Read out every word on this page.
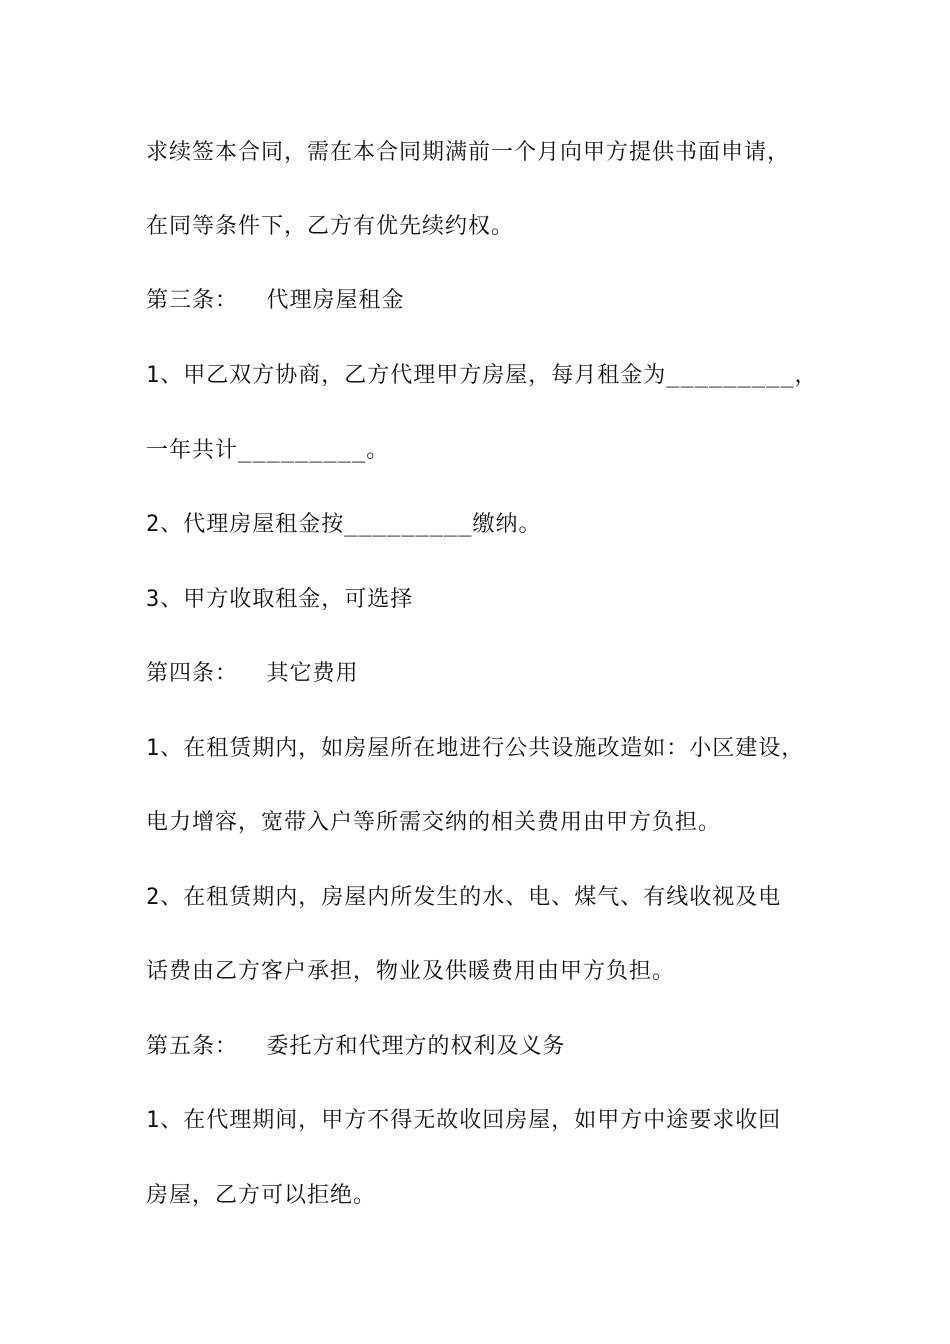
求续签本合同，需在本合同期满前一个月向甲方提供书面申请，
在同等条件下，乙方有优先续约权。
第三条：  代理房屋租金
1、甲乙双方协商，乙方代理甲方房屋，每月租金为_________，
一年共计_________。
2、代理房屋租金按_________缴纳。
3、甲方收取租金，可选择
第四条：  其它费用
1、在租赁期内，如房屋所在地进行公共设施改造如：小区建设，
电力增容，宽带入户等所需交纳的相关费用由甲方负担。
2、在租赁期内，房屋内所发生的水、电、煤气、有线收视及电
话费由乙方客户承担，物业及供暖费用由甲方负担。
第五条：  委托方和代理方的权利及义务
1、在代理期间，甲方不得无故收回房屋，如甲方中途要求收回
房屋，乙方可以拒绝。
